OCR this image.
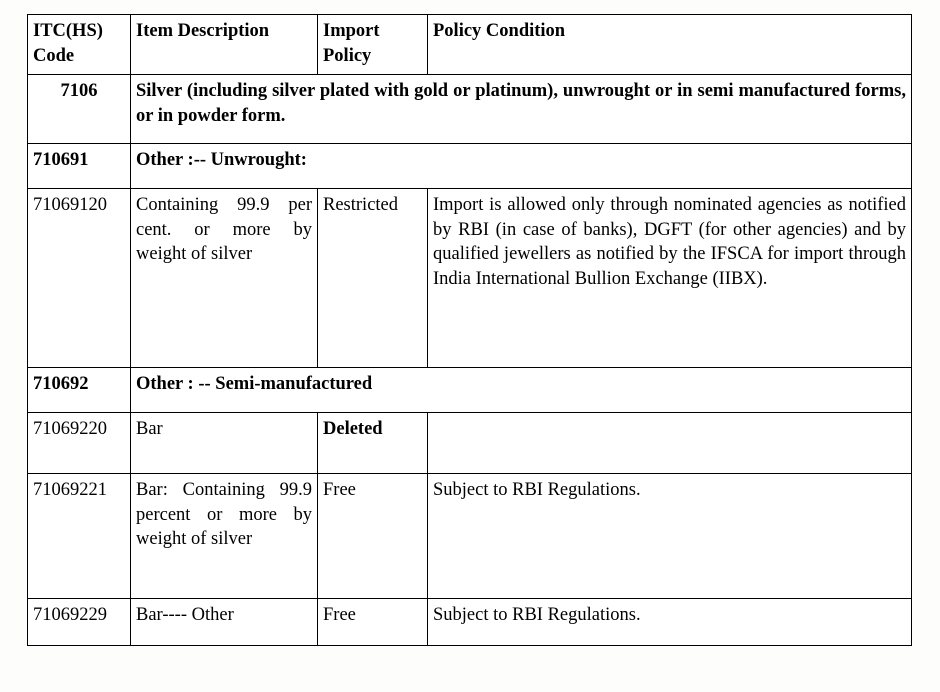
ITC(HS) Code	Item Description	Import Policy	Policy Condition
7106	Silver (including silver plated with gold or platinum), unwrought or in semi manufactured forms, or in powder form.		
710691	Other :-- Unwrought:		
71069120	Containing 99.9 per cent. or more by weight of silver	Restricted	Import is allowed only through nominated agencies as notified by RBI (in case of banks), DGFT (for other agencies) and by qualified jewellers as notified by the IFSCA for import through India International Bullion Exchange (IIBX).
710692	Other : -- Semi-manufactured		
71069220	Bar	Deleted	
71069221	Bar: Containing 99.9 percent or more by weight of silver	Free	Subject to RBI Regulations.
71069229	Bar---- Other	Free	Subject to RBI Regulations.
